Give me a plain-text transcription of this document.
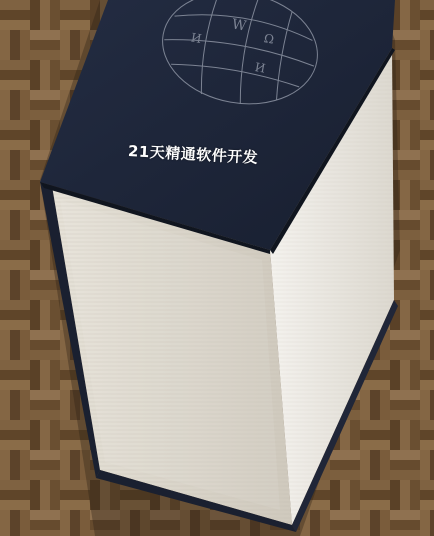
W
Ω
И
И
21天精通软件开发
